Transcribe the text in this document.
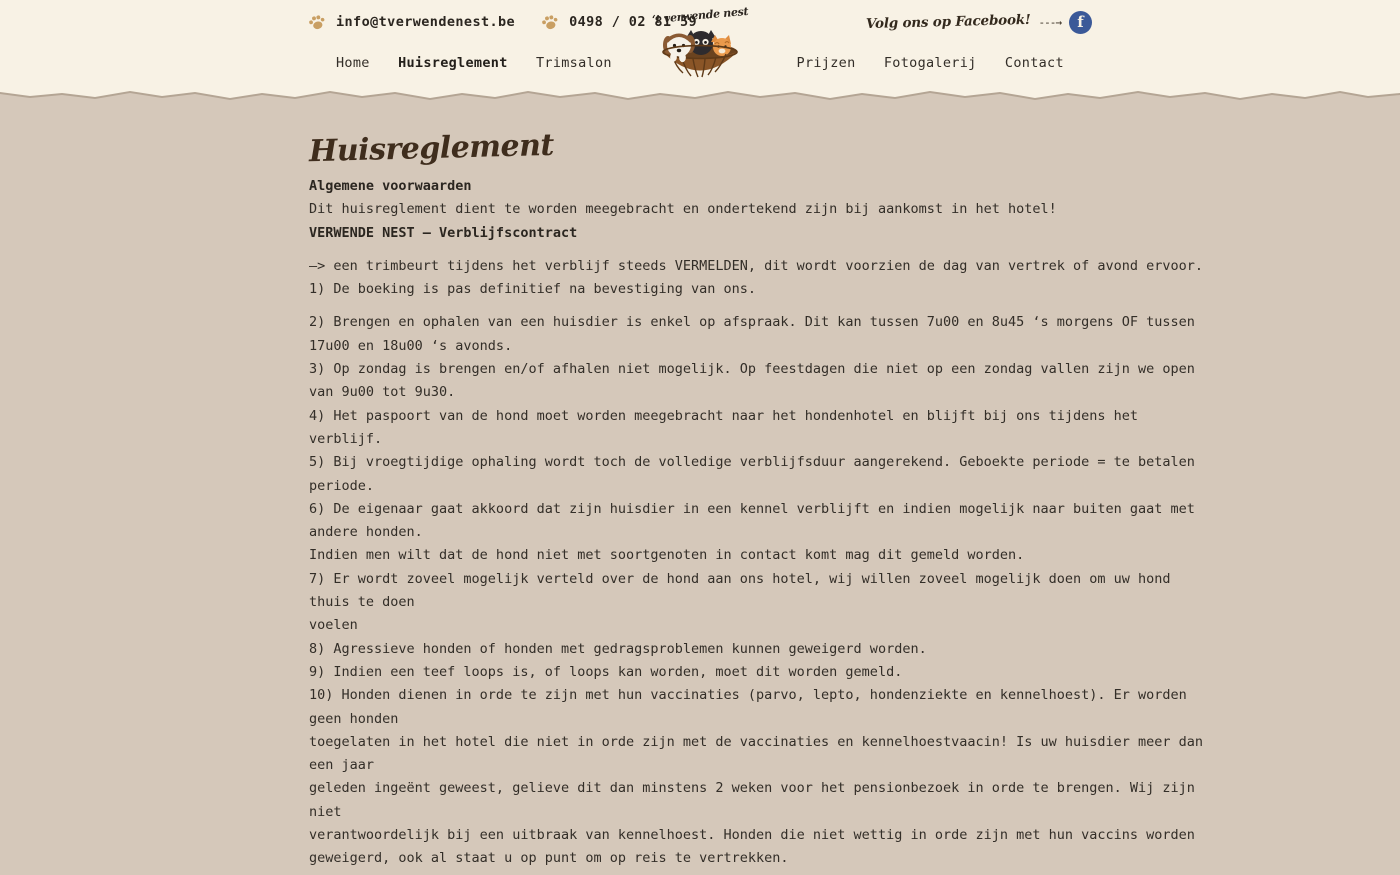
info@tverwendenest.be	0498 / 02 81 59	Volg ons op Facebook! ---→	f
Home Huisreglement Trimsalon	Prijzen Fotogalerij Contact
‘t verwende nest
Huisreglement
Algemene voorwaarden
Dit huisreglement dient te worden meegebracht en ondertekend zijn bij aankomst in het hotel!
VERWENDE NEST — Verblijfscontract
—> een trimbeurt tijdens het verblijf steeds VERMELDEN, dit wordt voorzien de dag van vertrek of avond ervoor.
1) De boeking is pas definitief na bevestiging van ons.
2) Brengen en ophalen van een huisdier is enkel op afspraak. Dit kan tussen 7u00 en 8u45 ‘s morgens OF tussen
17u00 en 18u00 ‘s avonds.
3) Op zondag is brengen en/of afhalen niet mogelijk. Op feestdagen die niet op een zondag vallen zijn we open
van 9u00 tot 9u30.
4) Het paspoort van de hond moet worden meegebracht naar het hondenhotel en blijft bij ons tijdens het
verblijf.
5) Bij vroegtijdige ophaling wordt toch de volledige verblijfsduur aangerekend. Geboekte periode = te betalen
periode.
6) De eigenaar gaat akkoord dat zijn huisdier in een kennel verblijft en indien mogelijk naar buiten gaat met
andere honden.
Indien men wilt dat de hond niet met soortgenoten in contact komt mag dit gemeld worden.
7) Er wordt zoveel mogelijk verteld over de hond aan ons hotel, wij willen zoveel mogelijk doen om uw hond
thuis te doen
voelen
8) Agressieve honden of honden met gedragsproblemen kunnen geweigerd worden.
9) Indien een teef loops is, of loops kan worden, moet dit worden gemeld.
10) Honden dienen in orde te zijn met hun vaccinaties (parvo, lepto, hondenziekte en kennelhoest). Er worden
geen honden
toegelaten in het hotel die niet in orde zijn met de vaccinaties en kennelhoestvaacin! Is uw huisdier meer dan
een jaar
geleden ingeënt geweest, gelieve dit dan minstens 2 weken voor het pensionbezoek in orde te brengen. Wij zijn
niet
verantwoordelijk bij een uitbraak van kennelhoest. Honden die niet wettig in orde zijn met hun vaccins worden
geweigerd, ook al staat u op punt om op reis te vertrekken.
